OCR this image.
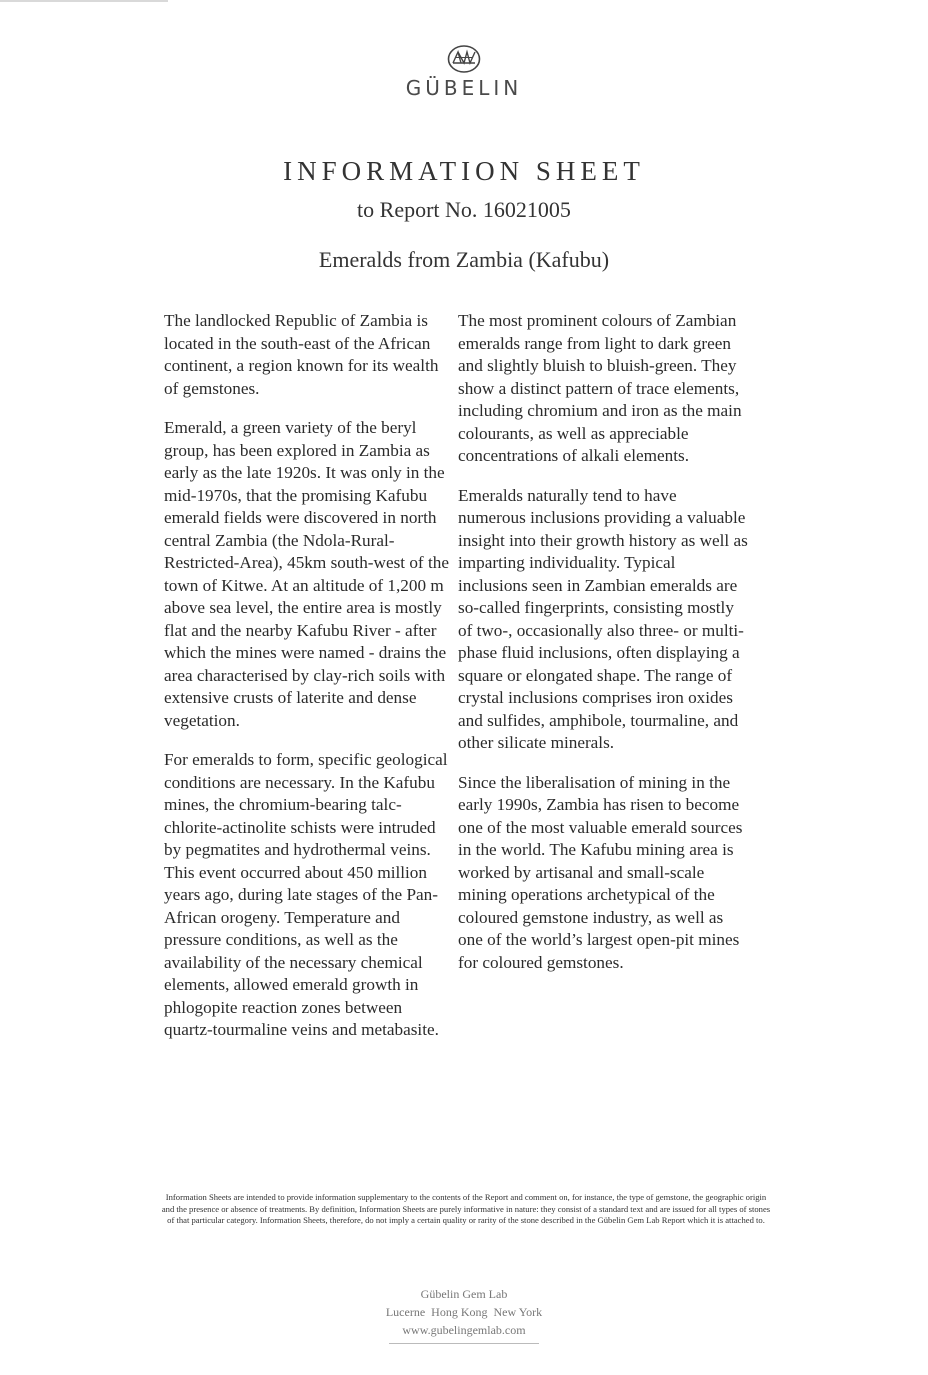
GÜBELIN
INFORMATION SHEET
to Report No. 16021005
Emeralds from Zambia (Kafubu)

The landlocked Republic of Zambia is located in the south-east of the African continent, a region known for its wealth of gemstones.

Emerald, a green variety of the beryl group, has been explored in Zambia as early as the late 1920s. It was only in the mid-1970s, that the promising Kafubu emerald fields were discovered in north central Zambia (the Ndola-Rural-Restricted-Area), 45km south-west of the town of Kitwe. At an altitude of 1,200 m above sea level, the entire area is mostly flat and the nearby Kafubu River - after which the mines were named - drains the area characterised by clay-rich soils with extensive crusts of laterite and dense vegetation.

For emeralds to form, specific geological conditions are necessary. In the Kafubu mines, the chromium-bearing talc-chlorite-actinolite schists were intruded by pegmatites and hydrothermal veins. This event occurred about 450 million years ago, during late stages of the Pan-African orogeny. Temperature and pressure conditions, as well as the availability of the necessary chemical elements, allowed emerald growth in phlogopite reaction zones between quartz-tourmaline veins and metabasite.

The most prominent colours of Zambian emeralds range from light to dark green and slightly bluish to bluish-green. They show a distinct pattern of trace elements, including chromium and iron as the main colourants, as well as appreciable concentrations of alkali elements.

Emeralds naturally tend to have numerous inclusions providing a valuable insight into their growth history as well as imparting individuality. Typical inclusions seen in Zambian emeralds are so-called fingerprints, consisting mostly of two-, occasionally also three- or multi-phase fluid inclusions, often displaying a square or elongated shape. The range of crystal inclusions comprises iron oxides and sulfides, amphibole, tourmaline, and other silicate minerals.

Since the liberalisation of mining in the early 1990s, Zambia has risen to become one of the most valuable emerald sources in the world. The Kafubu mining area is worked by artisanal and small-scale mining operations archetypical of the coloured gemstone industry, as well as one of the world’s largest open-pit mines for coloured gemstones.

Information Sheets are intended to provide information supplementary to the contents of the Report and comment on, for instance, the type of gemstone, the geographic origin and the presence or absence of treatments. By definition, Information Sheets are purely informative in nature: they consist of a standard text and are issued for all types of stones of that particular category. Information Sheets, therefore, do not imply a certain quality or rarity of the stone described in the Gübelin Gem Lab Report which it is attached to.
Gübelin Gem Lab
Lucerne  Hong Kong  New York
www.gubelingemlab.com
